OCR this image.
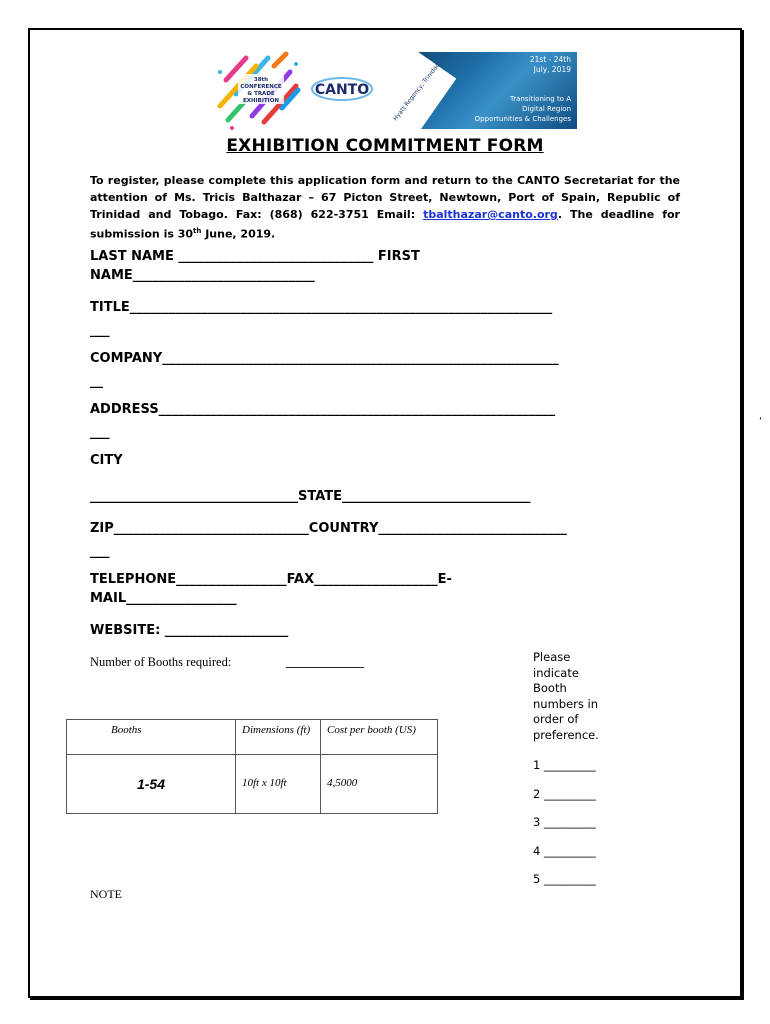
‘
38th
CONFERENCE
& TRADE
EXHIBITION
CANTO
21st - 24th
July, 2019
Transitioning to A
Digital Region
Opportunities & Challenges
Hyatt Regency, Trinidad
EXHIBITION COMMITMENT FORM
To register, please complete this application form and return to the CANTO Secretariat for the attention of Ms. Tricis Balthazar – 67 Picton Street, Newtown, Port of Spain, Republic of Trinidad and Tobago. Fax: (868) 622-3751 Email: tbalthazar@canto.org. The deadline for submission is 30th June, 2019.
LAST NAME ______________________________ FIRST
NAME____________________________
TITLE_________________________________________________________________
___
COMPANY_____________________________________________________________
__
ADDRESS_____________________________________________________________
___
CITY
________________________________STATE_____________________________
ZIP______________________________COUNTRY_____________________________
___
TELEPHONE_________________FAX___________________E-
MAIL_________________
WEBSITE: ___________________
Number of Booths required:	_____________
Booths	Dimensions (ft)	Cost per booth (US)
1-54	10ft x 10ft	4,5000
Please indicate Booth numbers in order of preference.
1 _________
2 _________
3 _________
4 _________
5 _________
NOTE
